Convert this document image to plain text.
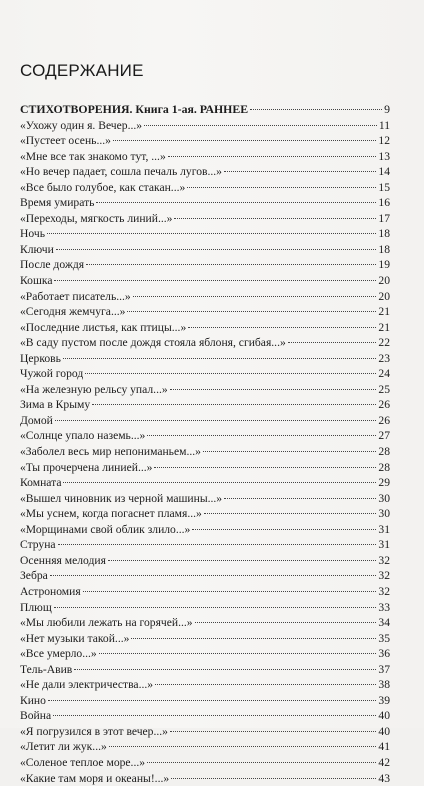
СОДЕРЖАНИЕ
СТИХОТВОРЕНИЯ. Книга 1-ая. РАННЕЕ	9
«Ухожу один я. Вечер...»	11
«Пустеет осень...»	12
«Мне все так знакомо тут, ...»	13
«Но вечер падает, сошла печаль лугов...»	14
«Все было голубое, как стакан...»	15
Время умирать	16
«Переходы, мягкость линий...»	17
Ночь	18
Ключи	18
После дождя	19
Кошка	20
«Работает писатель...»	20
«Сегодня жемчуга...»	21
«Последние листья, как птицы...»	21
«В саду пустом после дождя стояла яблоня, сгибая...»	22
Церковь	23
Чужой город	24
«На железную рельсу упал...»	25
Зима в Крыму	26
Домой	26
«Солнце упало наземь...»	27
«Заболел весь мир непониманьем...»	28
«Ты прочерчена линией...»	28
Комната	29
«Вышел чиновник из черной машины...»	30
«Мы уснем, когда погаснет пламя...»	30
«Морщинами свой облик злило...»	31
Струна	31
Осенняя мелодия	32
Зебра	32
Астрономия	32
Плющ	33
«Мы любили лежать на горячей...»	34
«Нет музыки такой...»	35
«Все умерло...»	36
Тель-Авив	37
«Не дали электричества...»	38
Кино	39
Война	40
«Я погрузился в этот вечер...»	40
«Летит ли жук...»	41
«Соленое теплое море...»	42
«Какие там моря и океаны!...»	43
